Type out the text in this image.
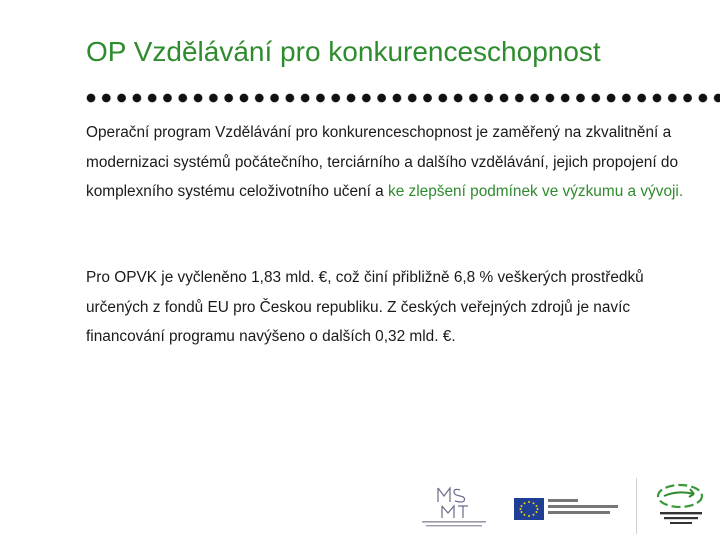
OP Vzdělávání pro konkurenceschopnost
Operační program Vzdělávání pro konkurenceschopnost je zaměřený na zkvalitnění a modernizaci systémů počátečního, terciárního a dalšího vzdělávání, jejich propojení do komplexního systému celoživotního učení a ke zlepšení podmínek ve výzkumu a vývoji.
Pro OPVK je vyčleněno 1,83 mld. €, což činí přibližně 6,8 % veškerých prostředků určených z fondů EU pro Českou republiku. Z českých veřejných zdrojů je navíc financování programu navýšeno o dalších 0,32 mld. €.
